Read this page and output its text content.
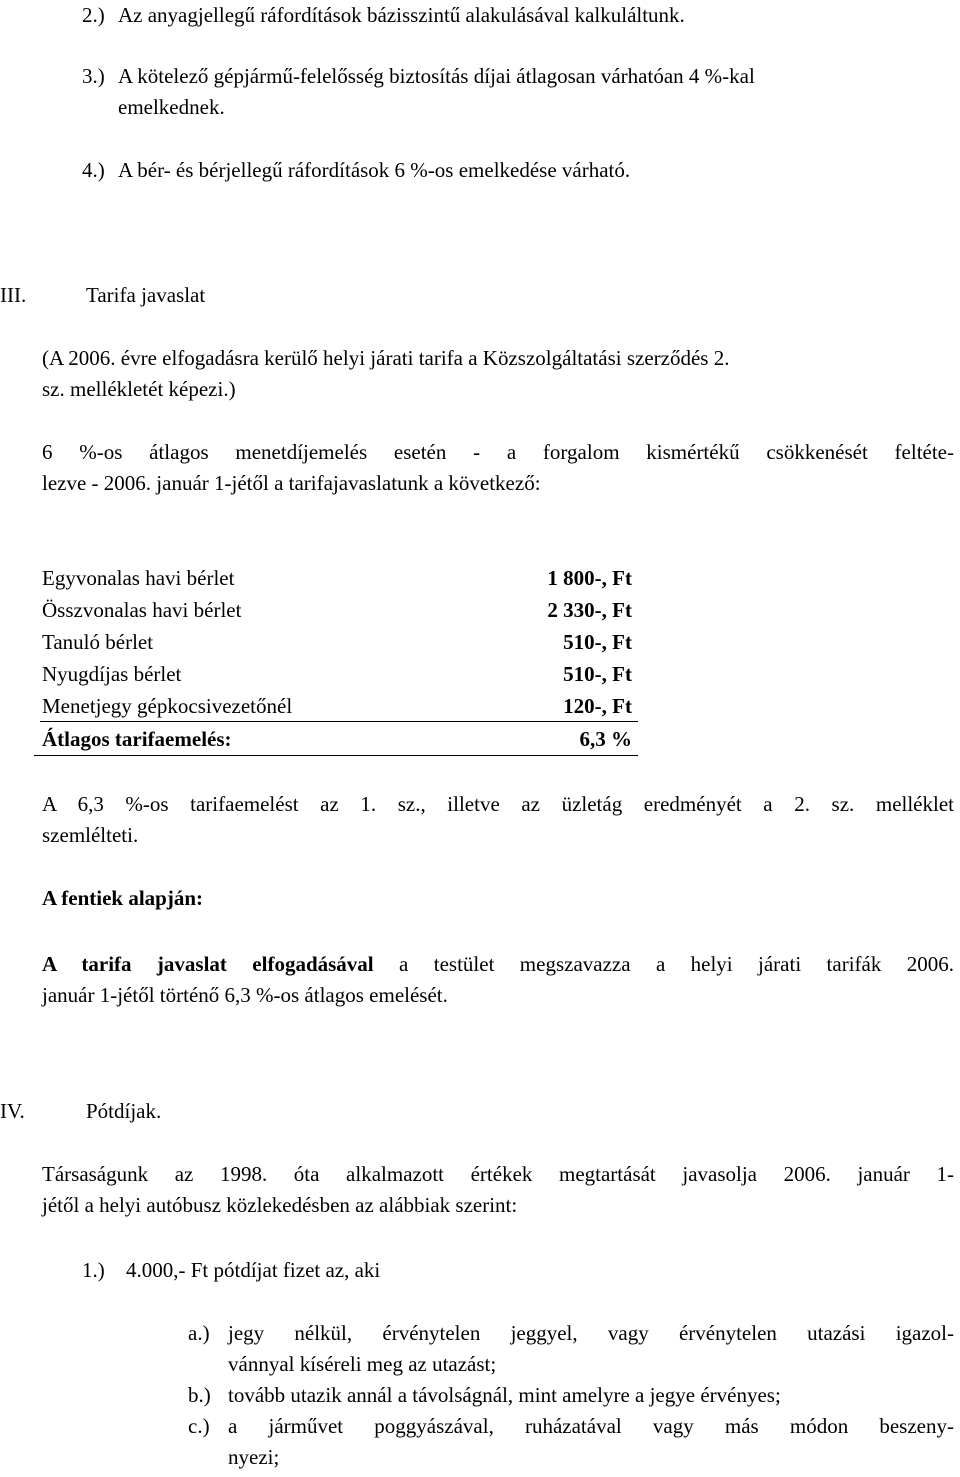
2.) Az anyagjellegű ráfordítások bázisszintű alakulásával kalkuláltunk.
3.) A kötelező gépjármű-felelősség biztosítás díjai átlagosan várhatóan 4 %-kal
emelkednek.
4.) A bér- és bérjellegű ráfordítások 6 %-os emelkedése várható.
III.	Tarifa javaslat
(A 2006. évre elfogadásra kerülő helyi járati tarifa a Közszolgáltatási szerződés 2.
sz. mellékletét képezi.)
6 %-os átlagos menetdíjemelés esetén - a forgalom kismértékű csökkenését feltéte-
lezve - 2006. január 1-jétől a tarifajavaslatunk a következő:
Egyvonalas havi bérlet	1 800-, Ft
Összvonalas havi bérlet	2 330-, Ft
Tanuló bérlet	510-, Ft
Nyugdíjas bérlet	510-, Ft
Menetjegy gépkocsivezetőnél	120-, Ft
Átlagos tarifaemelés:	6,3 %
A 6,3 %-os tarifaemelést az 1. sz., illetve az üzletág eredményét a 2. sz. melléklet
szemlélteti.
A fentiek alapján:
A tarifa javaslat elfogadásával a testület megszavazza a helyi járati tarifák 2006.
január 1-jétől történő 6,3 %-os átlagos emelését.
IV.	Pótdíjak.
Társaságunk az 1998. óta alkalmazott értékek megtartását javasolja 2006. január 1-
jétől a helyi autóbusz közlekedésben az alábbiak szerint:
1.) 4.000,- Ft pótdíjat fizet az, aki
a.) jegy nélkül, érvénytelen jeggyel, vagy érvénytelen utazási igazol-
vánnyal kíséreli meg az utazást;
b.) tovább utazik annál a távolságnál, mint amelyre a jegye érvényes;
c.) a járművet poggyászával, ruházatával vagy más módon beszeny-
nyezi;
